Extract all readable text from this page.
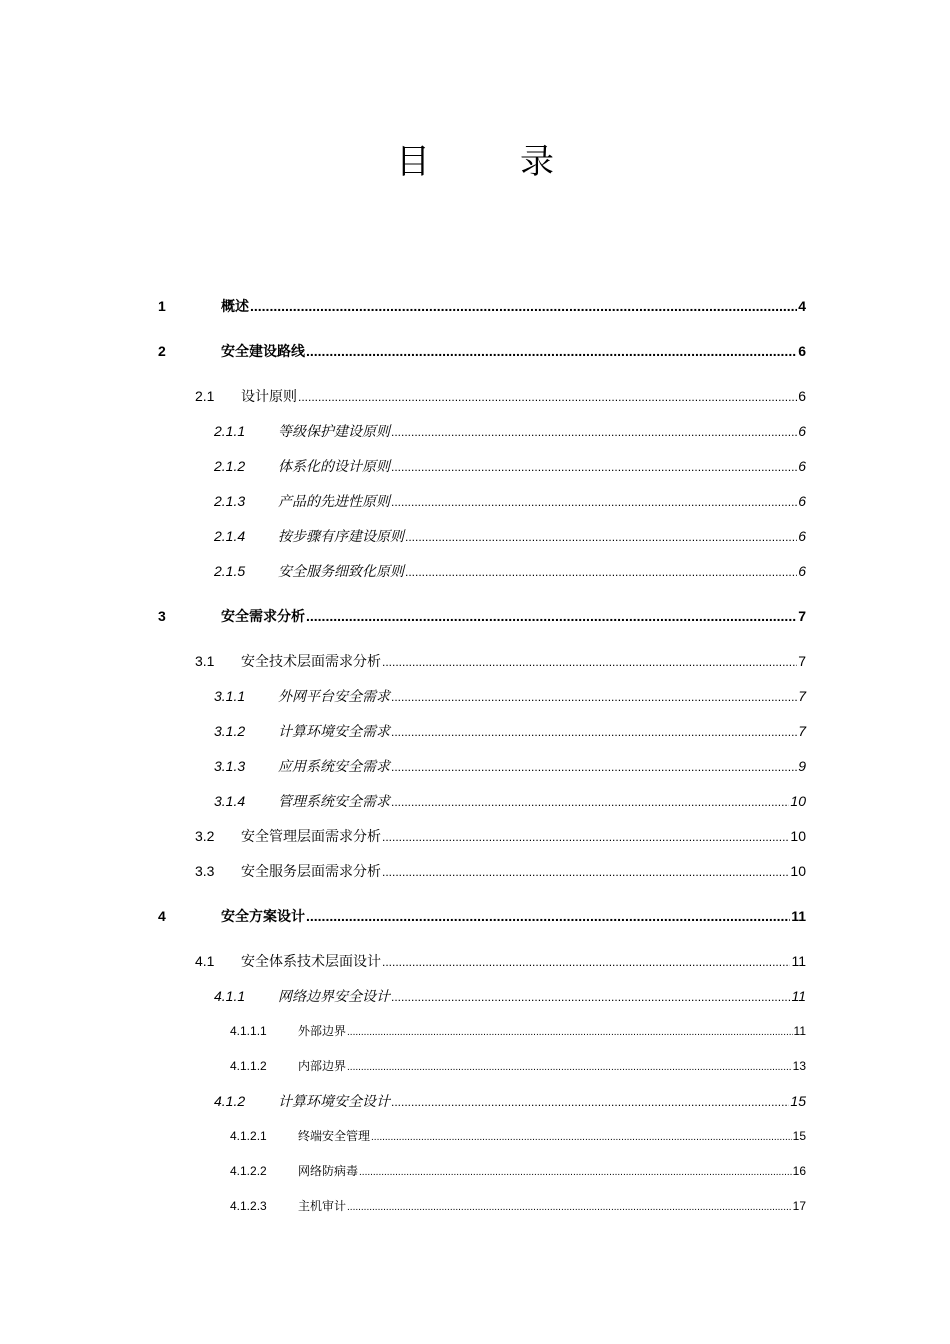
目　录
1	概述 .....	4
2	安全建设路线 .....	6
2.1	设计原则 .....	6
2.1.1	等级保护建设原则 .....	6
2.1.2	体系化的设计原则 .....	6
2.1.3	产品的先进性原则 .....	6
2.1.4	按步骤有序建设原则 .....	6
2.1.5	安全服务细致化原则 .....	6
3	安全需求分析 .....	7
3.1	安全技术层面需求分析 .....	7
3.1.1	外网平台安全需求 .....	7
3.1.2	计算环境安全需求 .....	7
3.1.3	应用系统安全需求 .....	9
3.1.4	管理系统安全需求 .....	10
3.2	安全管理层面需求分析 .....	10
3.3	安全服务层面需求分析 .....	10
4	安全方案设计 .....	11
4.1	安全体系技术层面设计 .....	11
4.1.1	网络边界安全设计 .....	11
4.1.1.1	外部边界 .....	11
4.1.1.2	内部边界 .....	13
4.1.2	计算环境安全设计 .....	15
4.1.2.1	终端安全管理 .....	15
4.1.2.2	网络防病毒 .....	16
4.1.2.3	主机审计 .....	17
